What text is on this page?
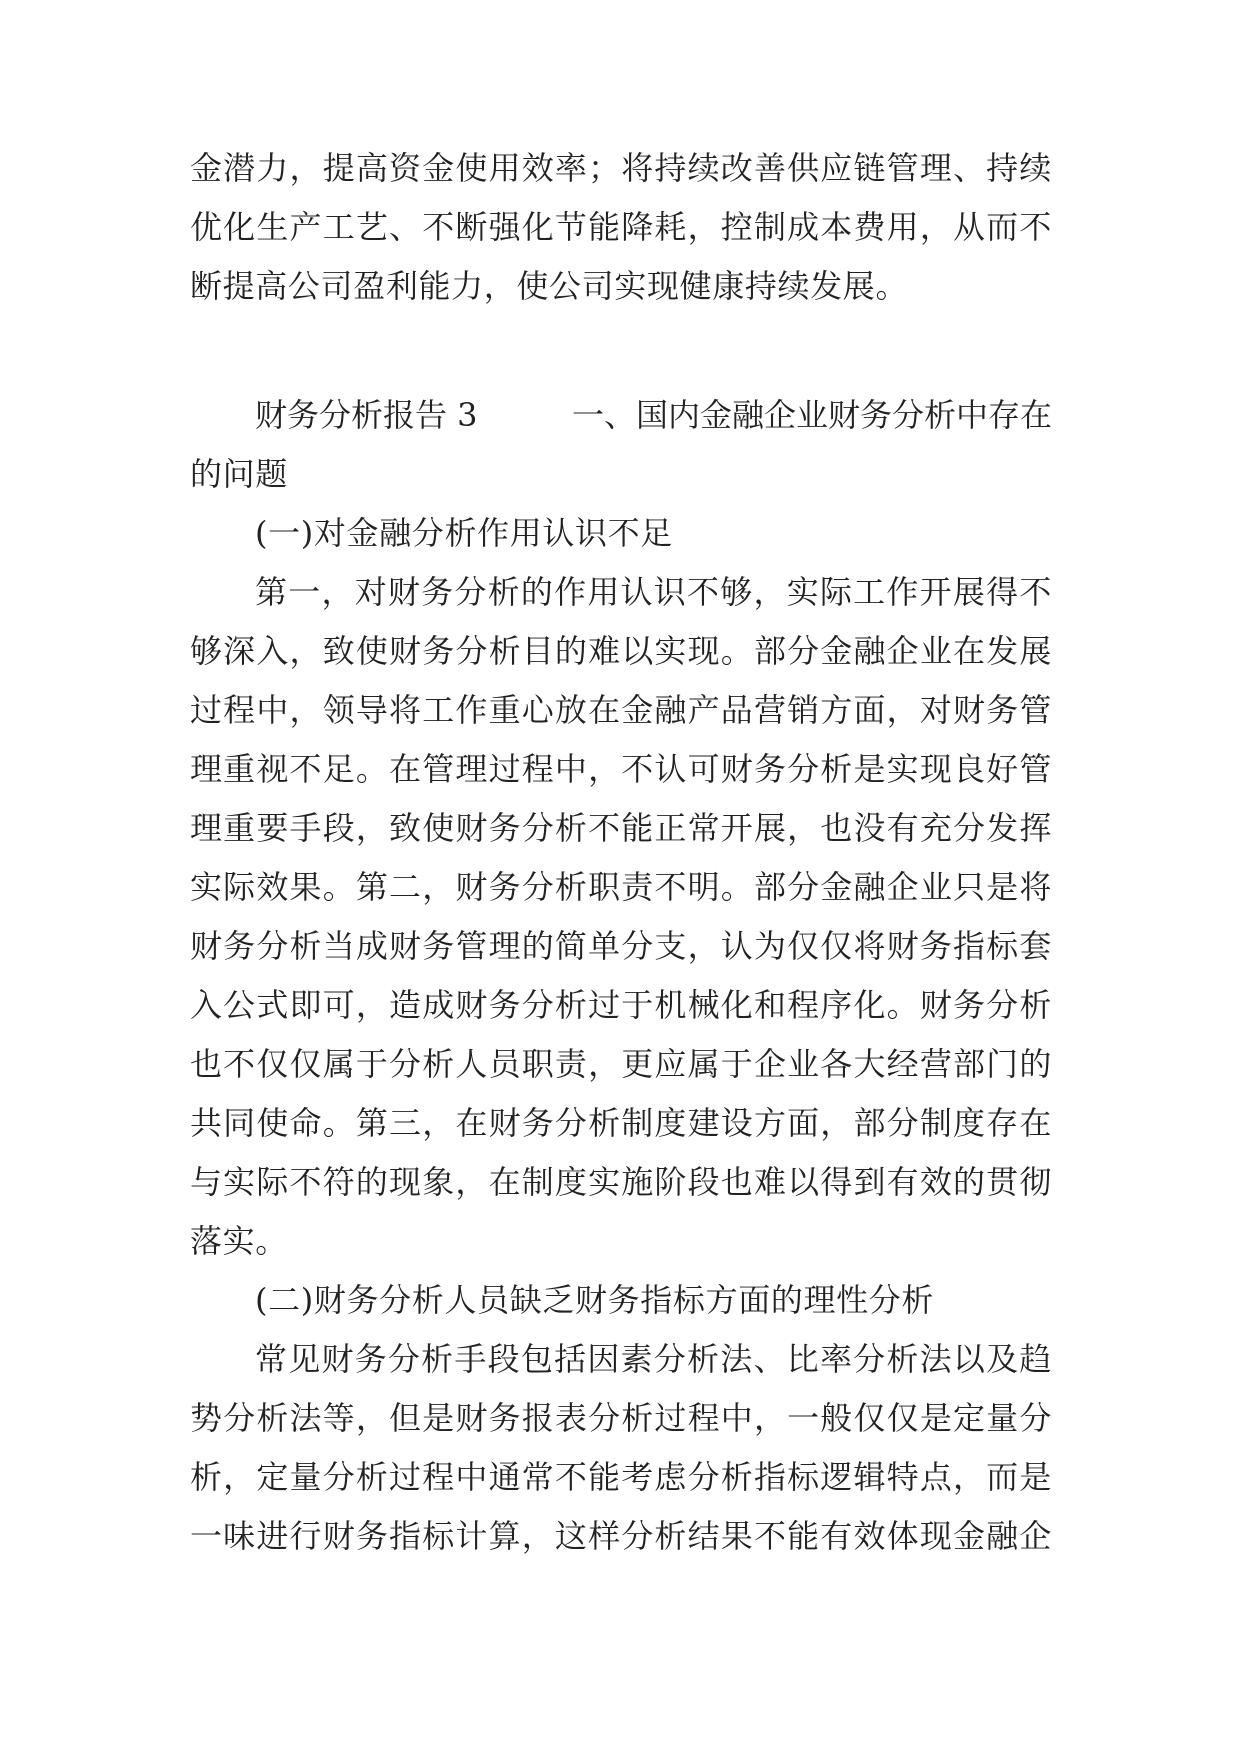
金潜力，提高资金使用效率；将持续改善供应链管理、持续
优化生产工艺、不断强化节能降耗，控制成本费用，从而不
断提高公司盈利能力，使公司实现健康持续发展。
财务分析报告 3	一、国内金融企业财务分析中存在
的问题
(一)对金融分析作用认识不足
第一，对财务分析的作用认识不够，实际工作开展得不
够深入，致使财务分析目的难以实现。部分金融企业在发展
过程中，领导将工作重心放在金融产品营销方面，对财务管
理重视不足。在管理过程中，不认可财务分析是实现良好管
理重要手段，致使财务分析不能正常开展，也没有充分发挥
实际效果。第二，财务分析职责不明。部分金融企业只是将
财务分析当成财务管理的简单分支，认为仅仅将财务指标套
入公式即可，造成财务分析过于机械化和程序化。财务分析
也不仅仅属于分析人员职责，更应属于企业各大经营部门的
共同使命。第三，在财务分析制度建设方面，部分制度存在
与实际不符的现象，在制度实施阶段也难以得到有效的贯彻
落实。
(二)财务分析人员缺乏财务指标方面的理性分析
常见财务分析手段包括因素分析法、比率分析法以及趋
势分析法等，但是财务报表分析过程中，一般仅仅是定量分
析，定量分析过程中通常不能考虑分析指标逻辑特点，而是
一味进行财务指标计算，这样分析结果不能有效体现金融企
